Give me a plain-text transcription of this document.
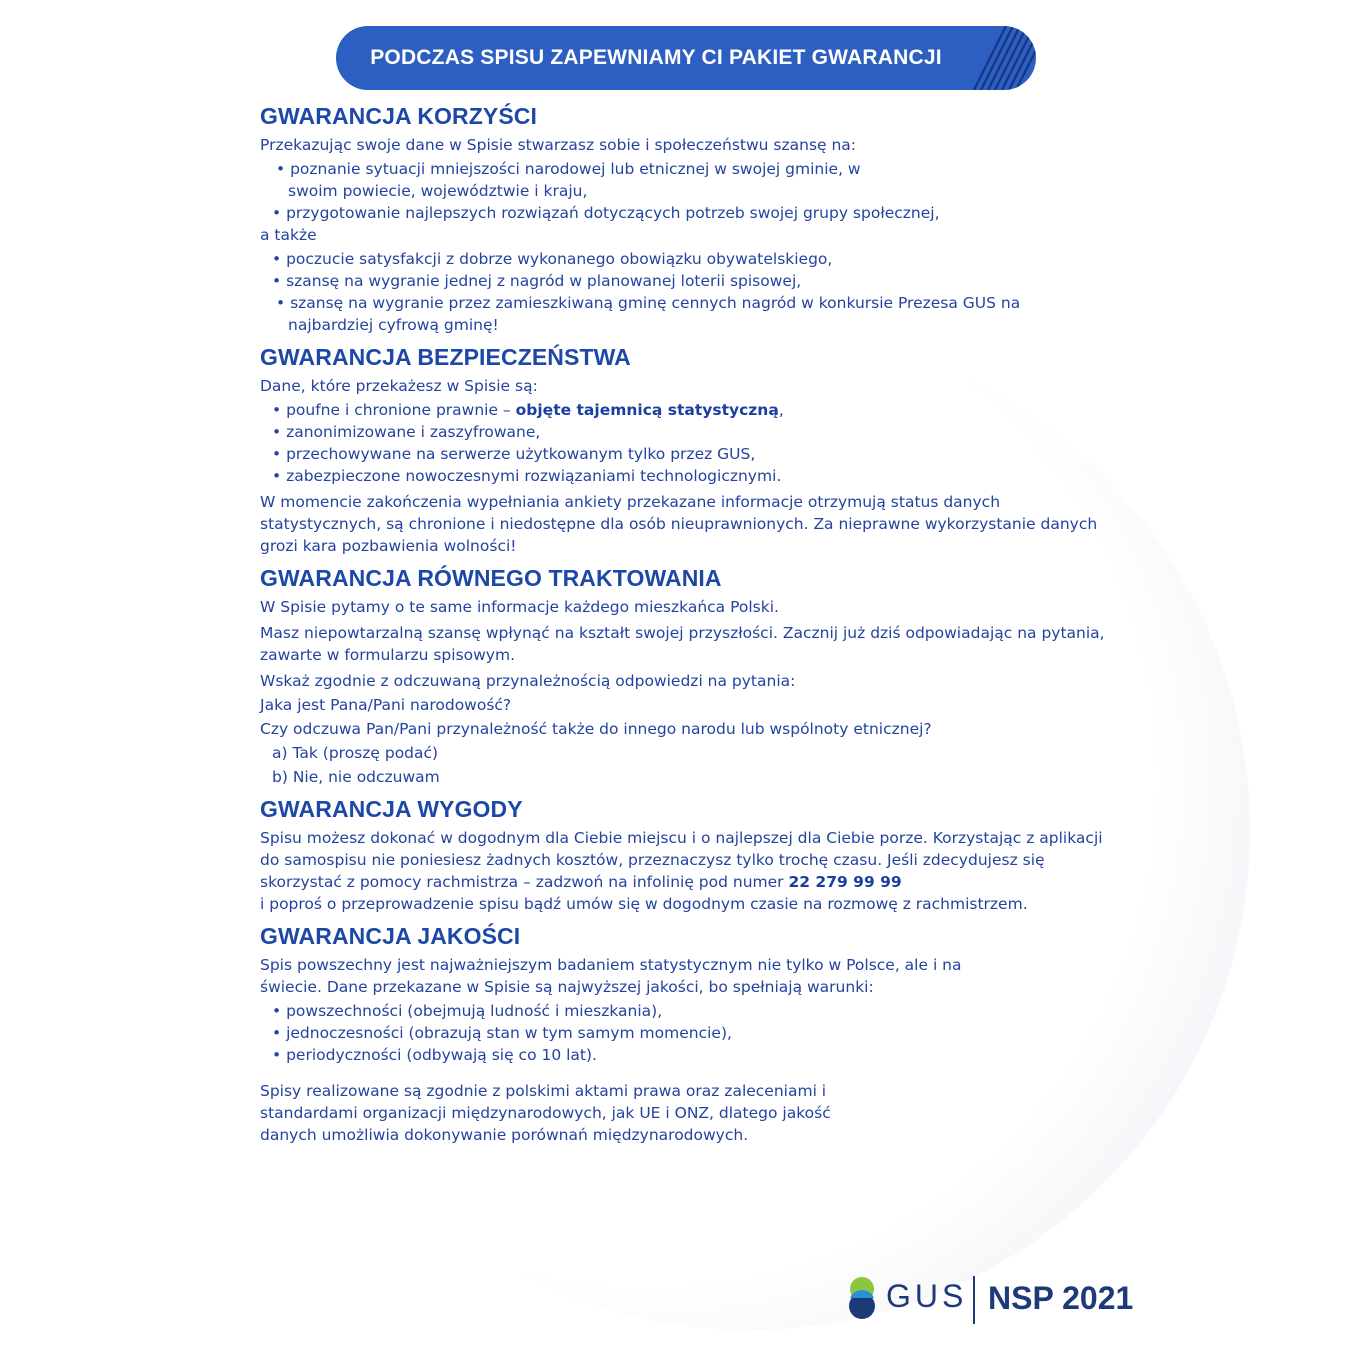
PODCZAS SPISU ZAPEWNIAMY CI PAKIET GWARANCJI
GWARANCJA KORZYŚCI
Przekazując swoje dane w Spisie stwarzasz sobie i społeczeństwu szansę na:
• poznanie sytuacji mniejszości narodowej lub etnicznej w swojej gminie, w swoim powiecie, województwie i kraju,
• przygotowanie najlepszych rozwiązań dotyczących potrzeb swojej grupy społecznej,
a także
• poczucie satysfakcji z dobrze wykonanego obowiązku obywatelskiego,
• szansę na wygranie jednej z nagród w planowanej loterii spisowej,
• szansę na wygranie przez zamieszkiwaną gminę cennych nagród w konkursie Prezesa GUS na najbardziej cyfrową gminę!
GWARANCJA BEZPIECZEŃSTWA
Dane, które przekażesz w Spisie są:
• poufne i chronione prawnie – objęte tajemnicą statystyczną,
• zanonimizowane i zaszyfrowane,
• przechowywane na serwerze użytkowanym tylko przez GUS,
• zabezpieczone nowoczesnymi rozwiązaniami technologicznymi.
W momencie zakończenia wypełniania ankiety przekazane informacje otrzymują status danych statystycznych, są chronione i niedostępne dla osób nieuprawnionych. Za nieprawne wykorzystanie danych grozi kara pozbawienia wolności!
GWARANCJA RÓWNEGO TRAKTOWANIA
W Spisie pytamy o te same informacje każdego mieszkańca Polski.
Masz niepowtarzalną szansę wpłynąć na kształt swojej przyszłości. Zacznij już dziś odpowiadając na pytania, zawarte w formularzu spisowym.
Wskaż zgodnie z odczuwaną przynależnością odpowiedzi na pytania:
Jaka jest Pana/Pani narodowość?
Czy odczuwa Pan/Pani przynależność także do innego narodu lub wspólnoty etnicznej?
a) Tak (proszę podać)
b) Nie, nie odczuwam
GWARANCJA WYGODY
Spisu możesz dokonać w dogodnym dla Ciebie miejscu i o najlepszej dla Ciebie porze. Korzystając z aplikacji do samospisu nie poniesiesz żadnych kosztów, przeznaczysz tylko trochę czasu. Jeśli zdecydujesz się skorzystać z pomocy rachmistrza – zadzwoń na infolinię pod numer 22 279 99 99
i poproś o przeprowadzenie spisu bądź umów się w dogodnym czasie na rozmowę z rachmistrzem.
GWARANCJA JAKOŚCI
Spis powszechny jest najważniejszym badaniem statystycznym nie tylko w Polsce, ale i na świecie. Dane przekazane w Spisie są najwyższej jakości, bo spełniają warunki:
• powszechności (obejmują ludność i mieszkania),
• jednoczesności (obrazują stan w tym samym momencie),
• periodyczności (odbywają się co 10 lat).
Spisy realizowane są zgodnie z polskimi aktami prawa oraz zaleceniami i standardami organizacji międzynarodowych, jak UE i ONZ, dlatego jakość danych umożliwia dokonywanie porównań międzynarodowych.
GUS NSP 2021
